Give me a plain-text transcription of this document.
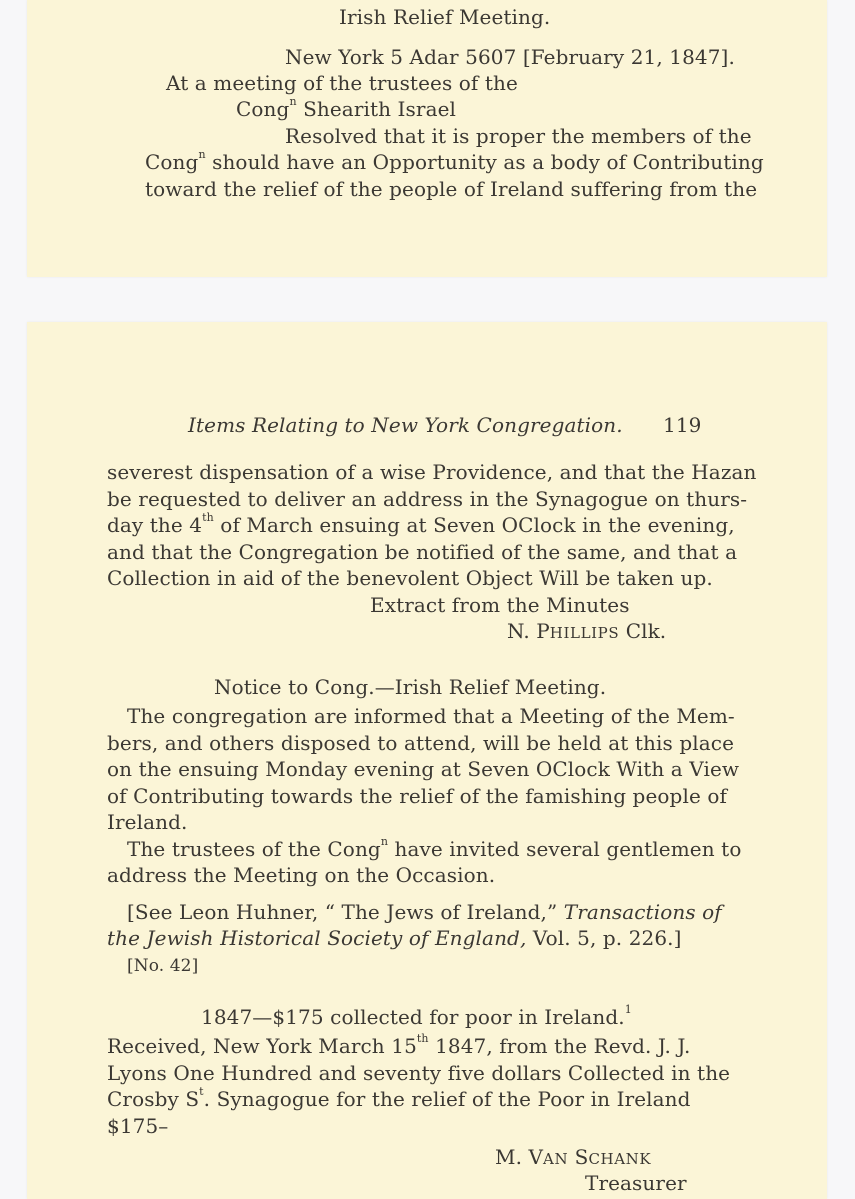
Irish Relief Meeting.
New York 5 Adar 5607 [February 21, 1847].
At a meeting of the trustees of the
Cong$^n$ Shearith Israel
Resolved that it is proper the members of the
Cong$^n$ should have an Opportunity as a body of Contributing
toward the relief of the people of Ireland suffering from the
Items Relating to New York Congregation. 119
severest dispensation of a wise Providence, and that the Hazan
be requested to deliver an address in the Synagogue on thurs-
day the 4th of March ensuing at Seven OClock in the evening,
and that the Congregation be notified of the same, and that a
Collection in aid of the benevolent Object Will be taken up.
Extract from the Minutes
N. PHILLIPS Clk.
Notice to Cong.—Irish Relief Meeting.
The congregation are informed that a Meeting of the Mem-
bers, and others disposed to attend, will be held at this place
on the ensuing Monday evening at Seven OClock With a View
of Contributing towards the relief of the famishing people of
Ireland.
The trustees of the Cong$^n$ have invited several gentlemen to
address the Meeting on the Occasion.
[See Leon Huhner, “ The Jews of Ireland,” Transactions of
the Jewish Historical Society of England, Vol. 5, p. 226.]
[No. 42]
1847—$175 collected for poor in Ireland.$^1$
Received, New York March 15th 1847, from the Revd. J. J.
Lyons One Hundred and seventy five dollars Collected in the
Crosby $S^t$. Synagogue for the relief of the Poor in Ireland
$175–
M. VAN SCHANK
Treasurer
